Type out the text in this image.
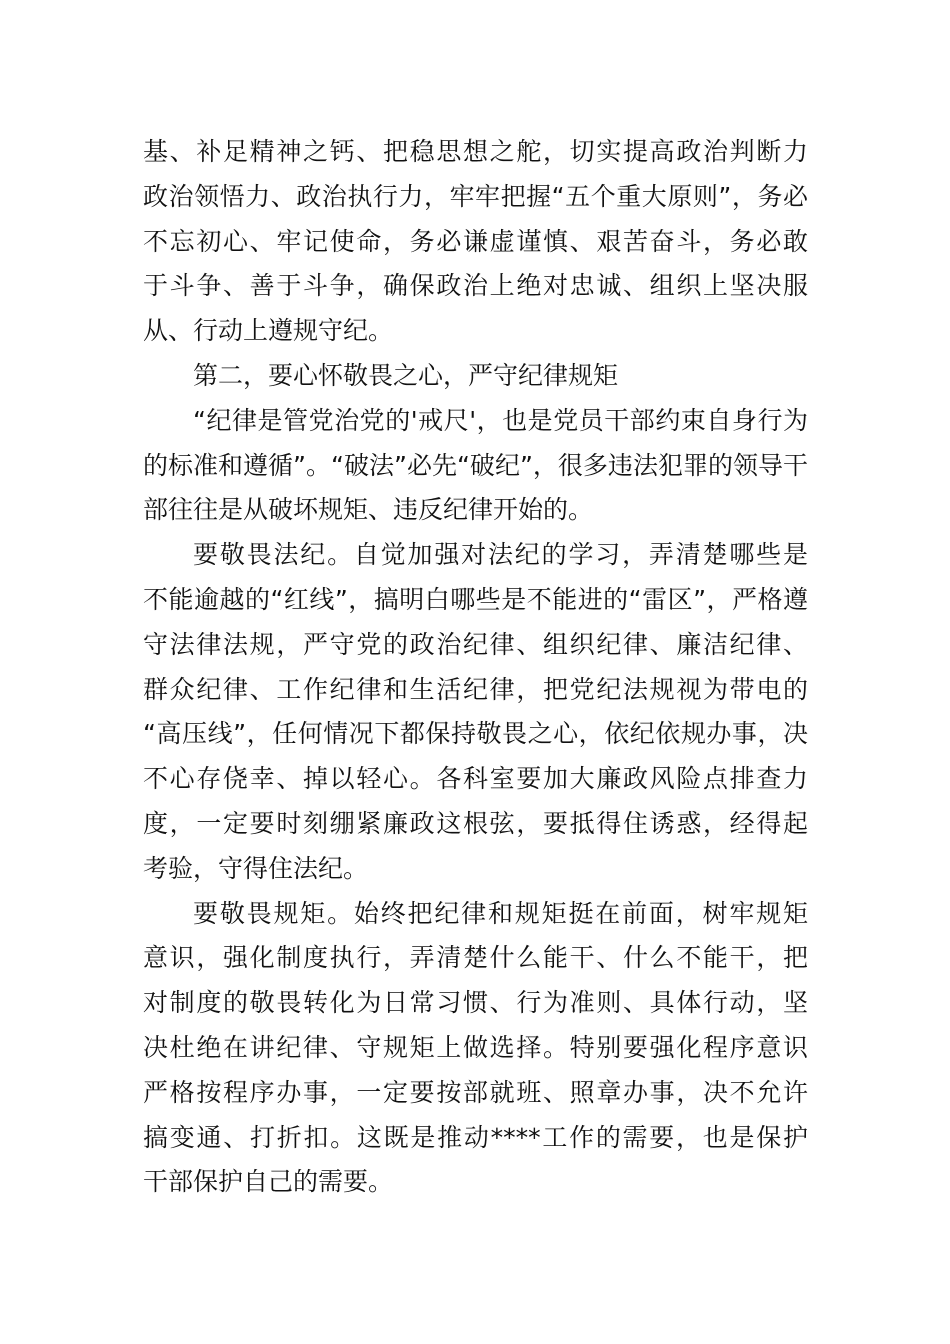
基、补足精神之钙、把稳思想之舵，切实提高政治判断力
政治领悟力、政治执行力，牢牢把握“五个重大原则”，务必
不忘初心、牢记使命，务必谦虚谨慎、艰苦奋斗，务必敢
于斗争、善于斗争，确保政治上绝对忠诚、组织上坚决服
从、行动上遵规守纪。
第二，要心怀敬畏之心，严守纪律规矩
“纪律是管党治党的'戒尺'，也是党员干部约束自身行为
的标准和遵循”。“破法”必先“破纪”，很多违法犯罪的领导干
部往往是从破坏规矩、违反纪律开始的。
要敬畏法纪。自觉加强对法纪的学习，弄清楚哪些是
不能逾越的“红线”，搞明白哪些是不能进的“雷区”，严格遵
守法律法规，严守党的政治纪律、组织纪律、廉洁纪律、
群众纪律、工作纪律和生活纪律，把党纪法规视为带电的
“高压线”，任何情况下都保持敬畏之心，依纪依规办事，决
不心存侥幸、掉以轻心。各科室要加大廉政风险点排查力
度，一定要时刻绷紧廉政这根弦，要抵得住诱惑，经得起
考验，守得住法纪。
要敬畏规矩。始终把纪律和规矩挺在前面，树牢规矩
意识，强化制度执行，弄清楚什么能干、什么不能干，把
对制度的敬畏转化为日常习惯、行为准则、具体行动，坚
决杜绝在讲纪律、守规矩上做选择。特别要强化程序意识
严格按程序办事，一定要按部就班、照章办事，决不允许
搞变通、打折扣。这既是推动****工作的需要，也是保护
干部保护自己的需要。
